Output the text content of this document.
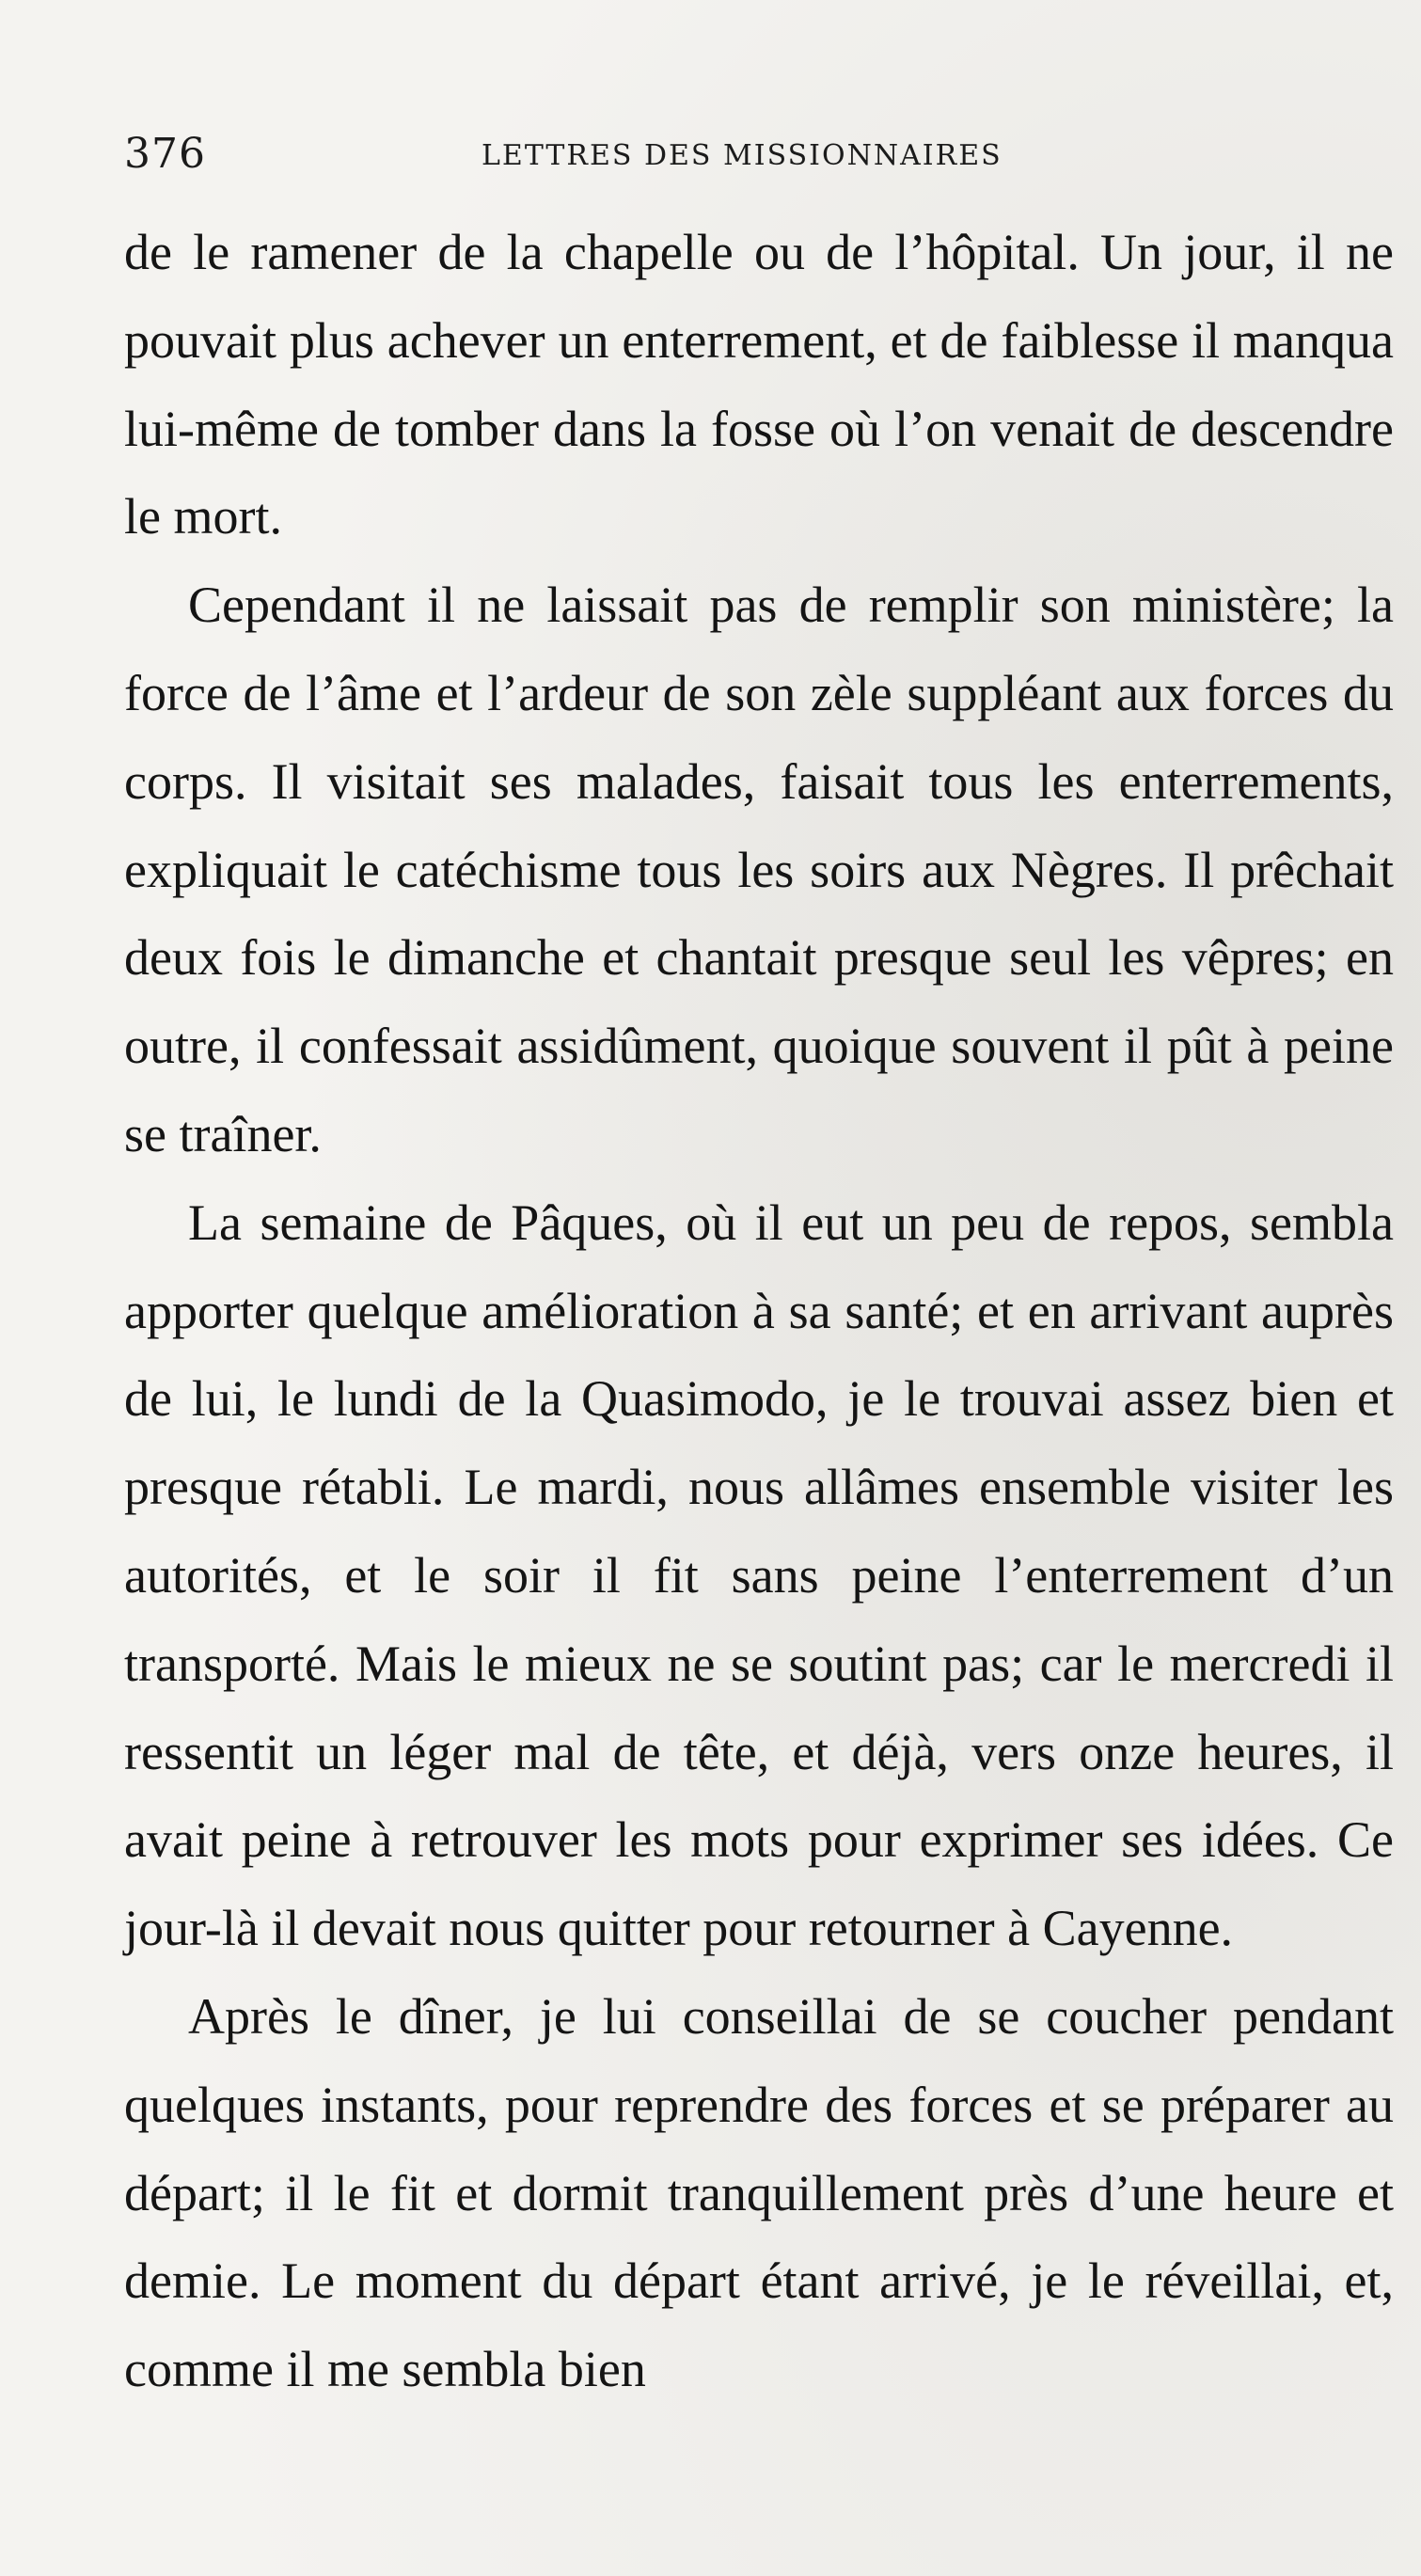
376	LETTRES DES MISSIONNAIRES

de le ramener de la chapelle ou de l’hôpital. Un jour, il ne pouvait plus achever un enterrement, et de faiblesse il manqua lui-même de tomber dans la fosse où l’on venait de descendre le mort.

Cependant il ne laissait pas de remplir son ministère; la force de l’âme et l’ardeur de son zèle suppléant aux forces du corps. Il visitait ses malades, faisait tous les enterrements, expliquait le catéchisme tous les soirs aux Nègres. Il prêchait deux fois le dimanche et chantait presque seul les vêpres; en outre, il confessait assidûment, quoique souvent il pût à peine se traîner.

La semaine de Pâques, où il eut un peu de repos, sembla apporter quelque amélioration à sa santé; et en arrivant auprès de lui, le lundi de la Quasimodo, je le trouvai assez bien et presque rétabli. Le mardi, nous allâmes ensemble visiter les autorités, et le soir il fit sans peine l’enterrement d’un transporté. Mais le mieux ne se soutint pas; car le mercredi il ressentit un léger mal de tête, et déjà, vers onze heures, il avait peine à retrouver les mots pour exprimer ses idées. Ce jour-là il devait nous quitter pour retourner à Cayenne.

Après le dîner, je lui conseillai de se coucher pendant quelques instants, pour reprendre des forces et se préparer au départ; il le fit et dormit tranquillement près d’une heure et demie. Le moment du départ étant arrivé, je le réveillai, et, comme il me sembla bien
